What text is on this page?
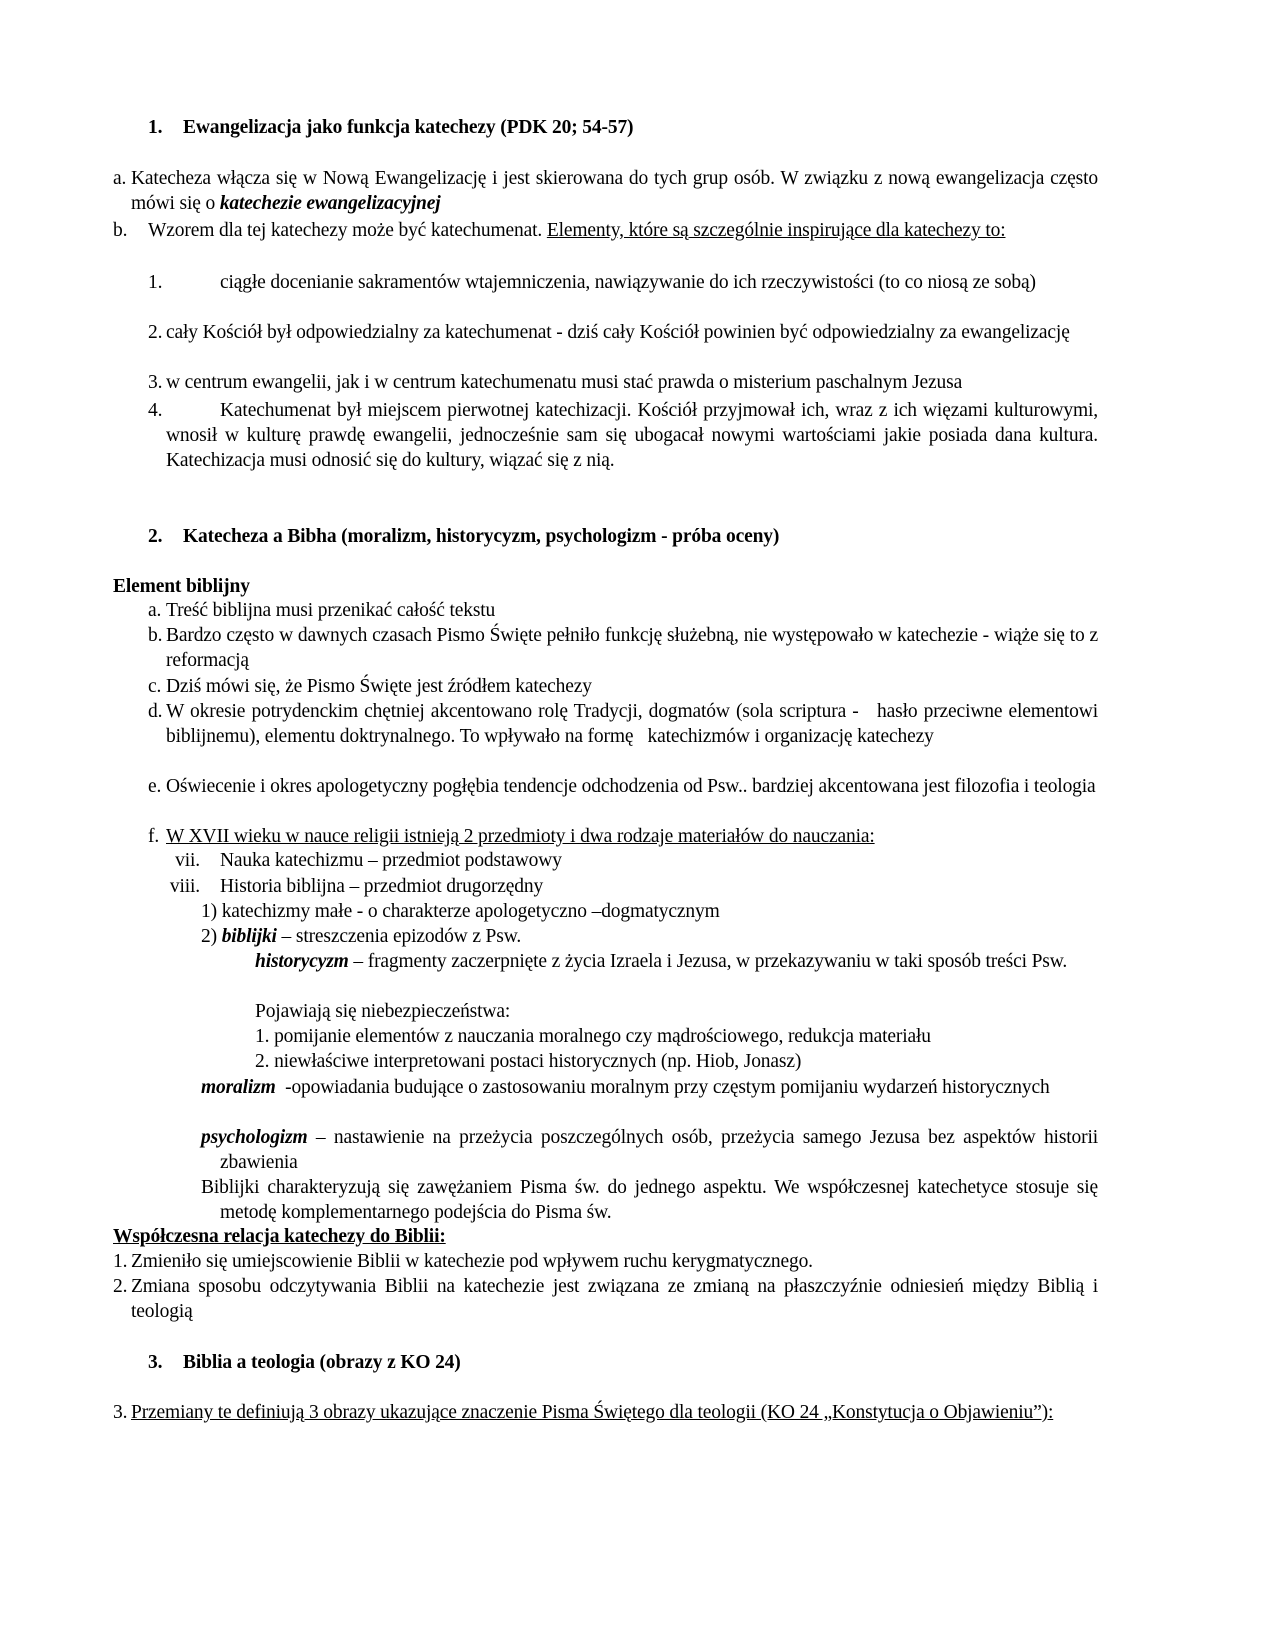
1. Ewangelizacja jako funkcja katechezy (PDK 20; 54-57)
a. Katecheza włącza się w Nową Ewangelizację i jest skierowana do tych grup osób. W związku z nową ewangelizacja często mówi się o katechezie ewangelizacyjnej
b. Wzorem dla tej katechezy może być katechumenat. Elementy, które są szczególnie inspirujące dla katechezy to:
1.	ciągłe docenianie sakramentów wtajemniczenia, nawiązywanie do ich rzeczywistości (to co niosą ze sobą)
2. cały Kościół był odpowiedzialny za katechumenat - dziś cały Kościół powinien być odpowiedzialny za ewangelizację
3. w centrum ewangelii, jak i w centrum katechumenatu musi stać prawda o misterium paschalnym Jezusa
4.	Katechumenat był miejscem pierwotnej katechizacji. Kościół przyjmował ich, wraz z ich więzami kulturowymi, wnosił w kulturę prawdę ewangelii, jednocześnie sam się ubogacał nowymi wartościami jakie posiada dana kultura. Katechizacja musi odnosić się do kultury, wiązać się z nią.
2. Katecheza a Bibha (moralizm, historycyzm, psychologizm - próba oceny)
Element biblijny
a. Treść biblijna musi przenikać całość tekstu
b. Bardzo często w dawnych czasach Pismo Święte pełniło funkcję służebną, nie występowało w katechezie - wiąże się to z reformacją
c. Dziś mówi się, że Pismo Święte jest źródłem katechezy
d. W okresie potrydenckim chętniej akcentowano rolę Tradycji, dogmatów (sola scriptura -   hasło przeciwne elementowi biblijnemu), elementu doktrynalnego. To wpływało na formę   katechizmów i organizację katechezy
e. Oświecenie i okres apologetyczny pogłębia tendencje odchodzenia od Psw.. bardziej akcentowana jest filozofia i teologia
f. W XVII wieku w nauce religii istnieją 2 przedmioty i dwa rodzaje materiałów do nauczania:
vii. Nauka katechizmu – przedmiot podstawowy
viii. Historia biblijna – przedmiot drugorzędny
1) katechizmy małe - o charakterze apologetyczno –dogmatycznym
2) biblijki – streszczenia epizodów z Psw.
historycyzm – fragmenty zaczerpnięte z życia Izraela i Jezusa, w przekazywaniu w taki sposób treści Psw.
Pojawiają się niebezpieczeństwa:
1. pomijanie elementów z nauczania moralnego czy mądrościowego, redukcja materiału
2. niewłaściwe interpretowani postaci historycznych (np. Hiob, Jonasz)
moralizm  -opowiadania budujące o zastosowaniu moralnym przy częstym pomijaniu wydarzeń historycznych
psychologizm – nastawienie na przeżycia poszczególnych osób, przeżycia samego Jezusa bez aspektów historii zbawienia
Biblijki charakteryzują się zawężaniem Pisma św. do jednego aspektu. We współczesnej katechetyce stosuje się metodę komplementarnego podejścia do Pisma św.
Współczesna relacja katechezy do Biblii:
1. Zmieniło się umiejscowienie Biblii w katechezie pod wpływem ruchu kerygmatycznego.
2. Zmiana sposobu odczytywania Biblii na katechezie jest związana ze zmianą na płaszczyźnie odniesień między Biblią i teologią
3. Biblia a teologia (obrazy z KO 24)
3. Przemiany te definiują 3 obrazy ukazujące znaczenie Pisma Świętego dla teologii (KO 24 „Konstytucja o Objawieniu”):
